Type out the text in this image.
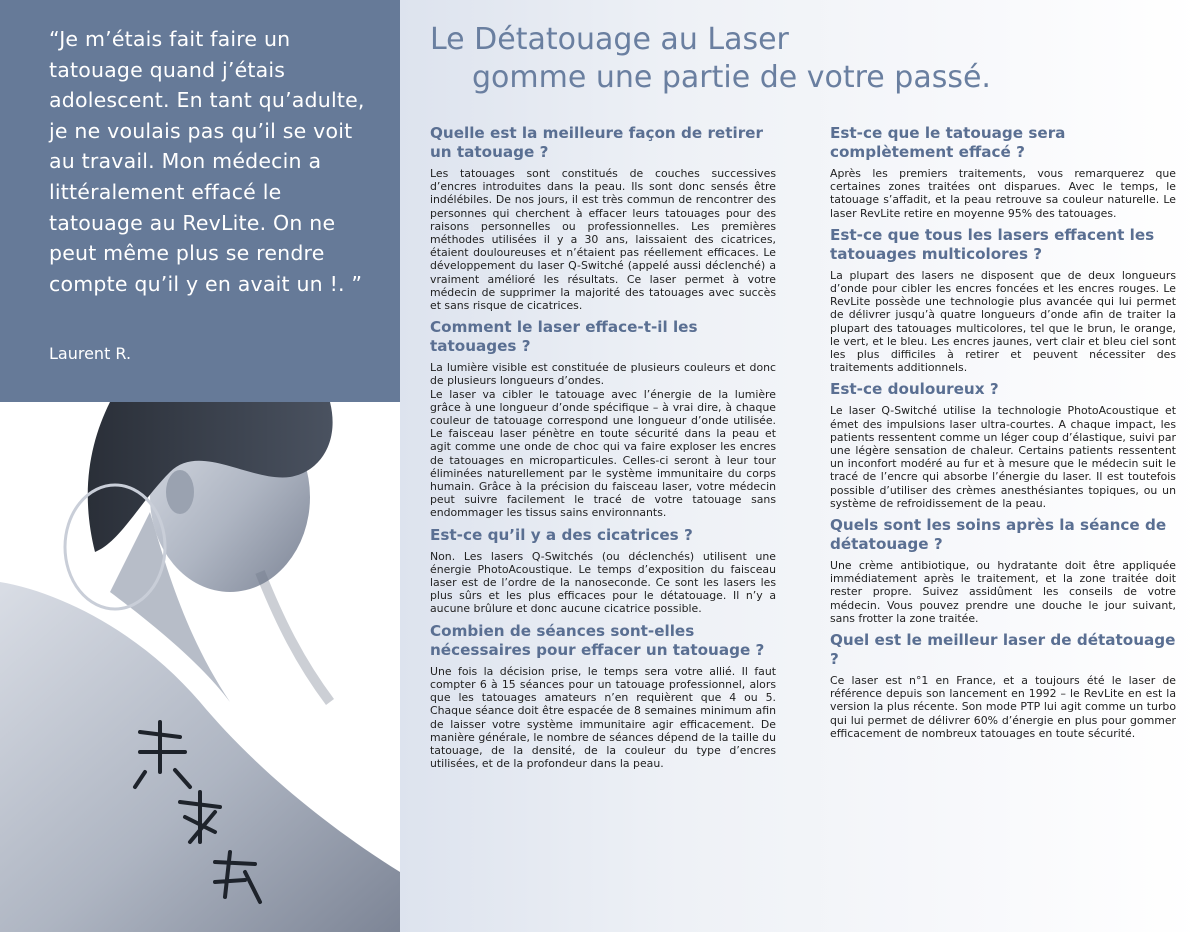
“Je m’étais fait faire un tatouage quand j’étais adolescent. En tant qu’adulte, je ne voulais pas qu’il se voit au travail. Mon médecin a littéralement effacé le tatouage au RevLite. On ne peut même plus se rendre compte qu’il y en avait un !. ”
Laurent R.
Le Détatouage au Laser
gomme une partie de votre passé.
Quelle est la meilleure façon de retirer un tatouage ?

Les tatouages sont constitués de couches successives d’encres introduites dans la peau. Ils sont donc sensés être indélébiles. De nos jours, il est très commun de rencontrer des personnes qui cherchent à effacer leurs tatouages pour des raisons personnelles ou professionnelles. Les premières méthodes utilisées il y a 30 ans, laissaient des cicatrices, étaient douloureuses et n’étaient pas réellement efficaces. Le développement du laser Q-Switché (appelé aussi déclenché) a vraiment amélioré les résultats. Ce laser permet à votre médecin de supprimer la majorité des tatouages avec succès et sans risque de cicatrices.

Comment le laser efface-t-il les tatouages ?

La lumière visible est constituée de plusieurs couleurs et donc de plusieurs longueurs d’ondes.

Le laser va cibler le tatouage avec l’énergie de la lumière grâce à une longueur d’onde spécifique – à vrai dire, à chaque couleur de tatouage correspond une longueur d’onde utilisée. Le faisceau laser pénètre en toute sécurité dans la peau et agit comme une onde de choc qui va faire exploser les encres de tatouages en microparticules. Celles-ci seront à leur tour éliminées naturellement par le système immunitaire du corps humain. Grâce à la précision du faisceau laser, votre médecin peut suivre facilement le tracé de votre tatouage sans endommager les tissus sains environnants.

Est-ce qu’il y a des cicatrices ?

Non. Les lasers Q-Switchés (ou déclenchés) utilisent une énergie PhotoAcoustique. Le temps d’exposition du faisceau laser est de l’ordre de la nanoseconde. Ce sont les lasers les plus sûrs et les plus efficaces pour le détatouage. Il n’y a aucune brûlure et donc aucune cicatrice possible.

Combien de séances sont-elles nécessaires pour effacer un tatouage ?

Une fois la décision prise, le temps sera votre allié. Il faut compter 6 à 15 séances pour un tatouage professionnel, alors que les tatouages amateurs n’en requièrent que 4 ou 5. Chaque séance doit être espacée de 8 semaines minimum afin de laisser votre système immunitaire agir efficacement. De manière générale, le nombre de séances dépend de la taille du tatouage, de la densité, de la couleur du type d’encres utilisées, et de la profondeur dans la peau.

Est-ce que le tatouage sera complètement effacé ?

Après les premiers traitements, vous remarquerez que certaines zones traitées ont disparues. Avec le temps, le tatouage s’affadit, et la peau retrouve sa couleur naturelle. Le laser RevLite retire en moyenne 95% des tatouages.

Est-ce que tous les lasers effacent les tatouages multicolores ?

La plupart des lasers ne disposent que de deux longueurs d’onde pour cibler les encres foncées et les encres rouges. Le RevLite possède une technologie plus avancée qui lui permet de délivrer jusqu’à quatre longueurs d’onde afin de traiter la plupart des tatouages multicolores, tel que le brun, le orange, le vert, et le bleu. Les encres jaunes, vert clair et bleu ciel sont les plus difficiles à retirer et peuvent nécessiter des traitements additionnels.

Est-ce douloureux ?

Le laser Q-Switché utilise la technologie PhotoAcoustique et émet des impulsions laser ultra-courtes. A chaque impact, les patients ressentent comme un léger coup d’élastique, suivi par une légère sensation de chaleur. Certains patients ressentent un inconfort modéré au fur et à mesure que le médecin suit le tracé de l’encre qui absorbe l’énergie du laser. Il est toutefois possible d’utiliser des crèmes anesthésiantes topiques, ou un système de refroidissement de la peau.

Quels sont les soins après la séance de détatouage ?

Une crème antibiotique, ou hydratante doit être appliquée immédiatement après le traitement, et la zone traitée doit rester propre. Suivez assidûment les conseils de votre médecin. Vous pouvez prendre une douche le jour suivant, sans frotter la zone traitée.

Quel est le meilleur laser de détatouage ?

Ce laser est n°1 en France, et a toujours été le laser de référence depuis son lancement en 1992 – le RevLite en est la version la plus récente. Son mode PTP lui agit comme un turbo qui lui permet de délivrer 60% d’énergie en plus pour gommer efficacement de nombreux tatouages en toute sécurité.
